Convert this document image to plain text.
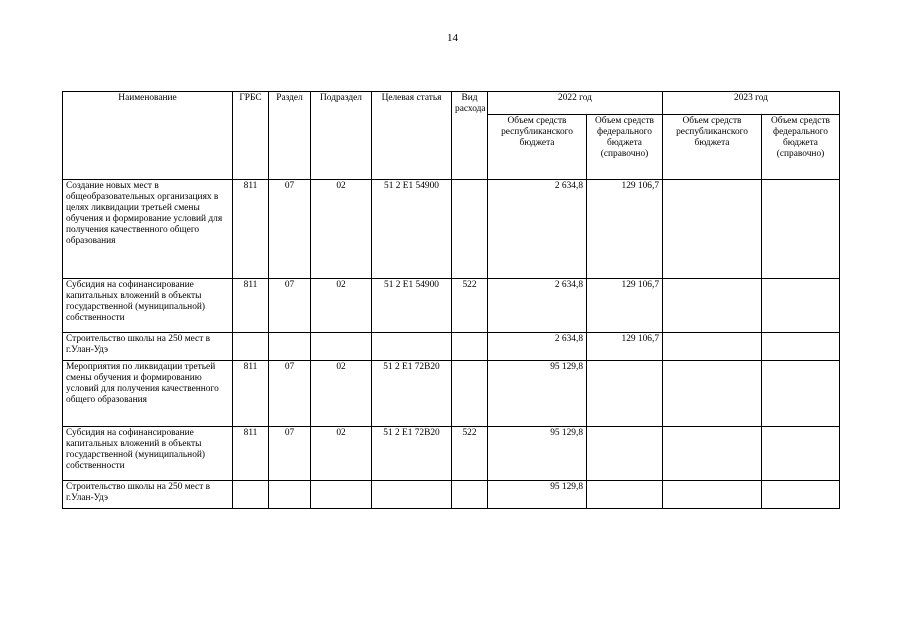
14
Наименование	ГРБС	Раздел	Подраздел	Целевая статья	Вид расхода	2022 год		2023 год	
						Объем средств республиканского бюджета	Объем средств федерального бюджета (справочно)	Объем средств республиканского бюджета	Объем средств федерального бюджета (справочно)
Создание новых мест в общеобразовательных организациях в целях ликвидации третьей смены обучения и формирование условий для получения качественного общего образования	811	07	02	51 2 Е1 54900		2 634,8	129 106,7		
Субсидия на софинансирование капитальных вложений в объекты государственной (муниципальной) собственности	811	07	02	51 2 Е1 54900	522	2 634,8	129 106,7		
Строительство школы на 250 мест в г.Улан-Удэ						2 634,8	129 106,7		
Мероприятия по ликвидации третьей смены обучения и формированию условий для получения качественного общего образования	811	07	02	51 2 Е1 72В20		95 129,8			
Субсидия на софинансирование капитальных вложений в объекты государственной (муниципальной) собственности	811	07	02	51 2 Е1 72В20	522	95 129,8			
Строительство школы на 250 мест в г.Улан-Удэ						95 129,8			
